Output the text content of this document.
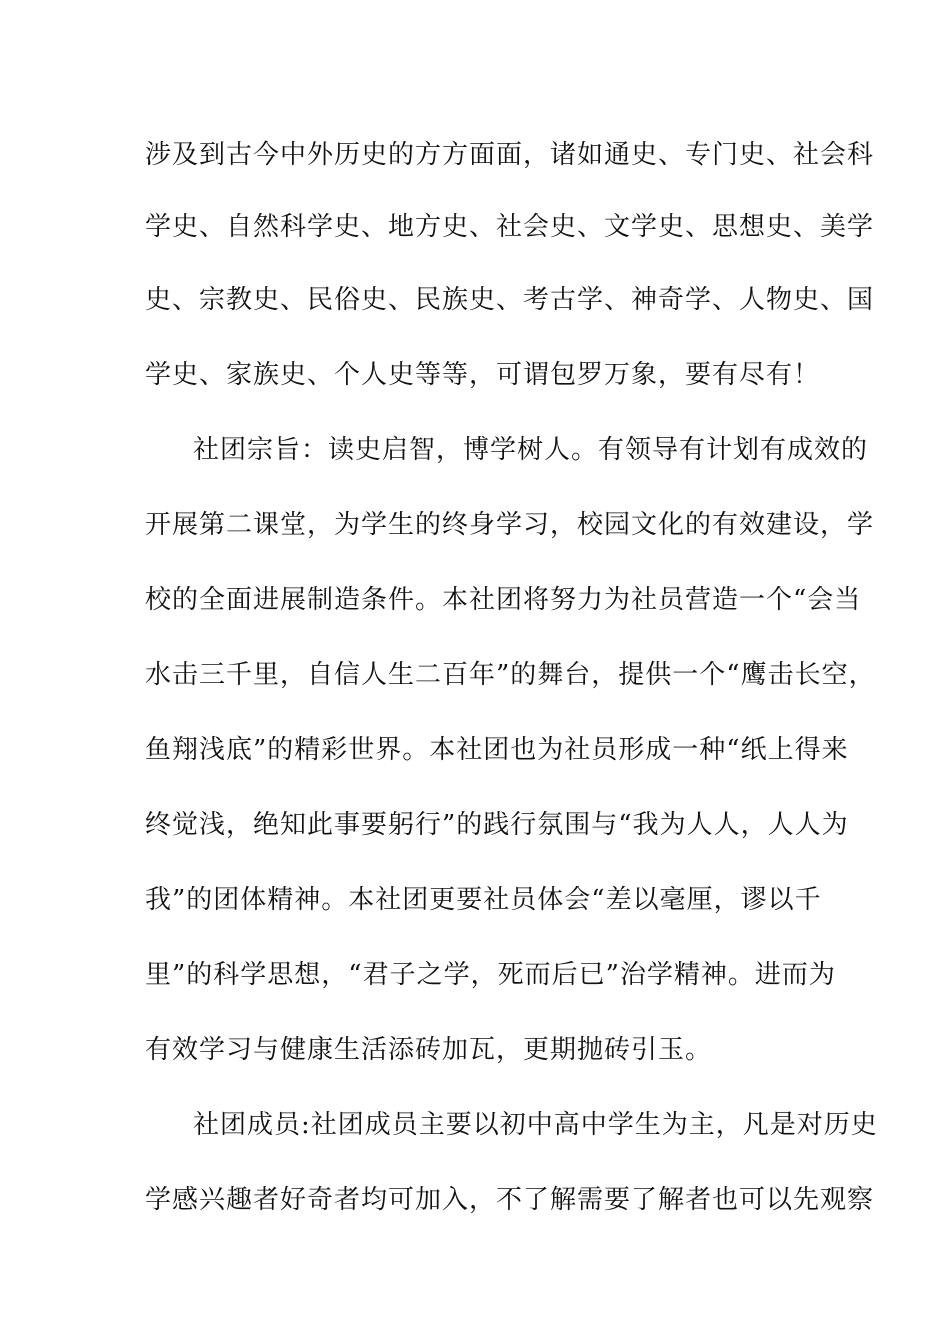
涉及到古今中外历史的方方面面，诸如通史、专门史、社会科
学史、自然科学史、地方史、社会史、文学史、思想史、美学
史、宗教史、民俗史、民族史、考古学、神奇学、人物史、国
学史、家族史、个人史等等，可谓包罗万象，要有尽有！
社团宗旨：读史启智，博学树人。有领导有计划有成效的
开展第二课堂，为学生的终身学习，校园文化的有效建设，学
校的全面进展制造条件。本社团将努力为社员营造一个“会当
水击三千里，自信人生二百年”的舞台，提供一个“鹰击长空，
鱼翔浅底”的精彩世界。本社团也为社员形成一种“纸上得来
终觉浅，绝知此事要躬行”的践行氛围与“我为人人，人人为
我”的团体精神。本社团更要社员体会“差以毫厘，谬以千
里”的科学思想，“君子之学，死而后已”治学精神。进而为
有效学习与健康生活添砖加瓦，更期抛砖引玉。
社团成员:社团成员主要以初中高中学生为主，凡是对历史
学感兴趣者好奇者均可加入，不了解需要了解者也可以先观察
